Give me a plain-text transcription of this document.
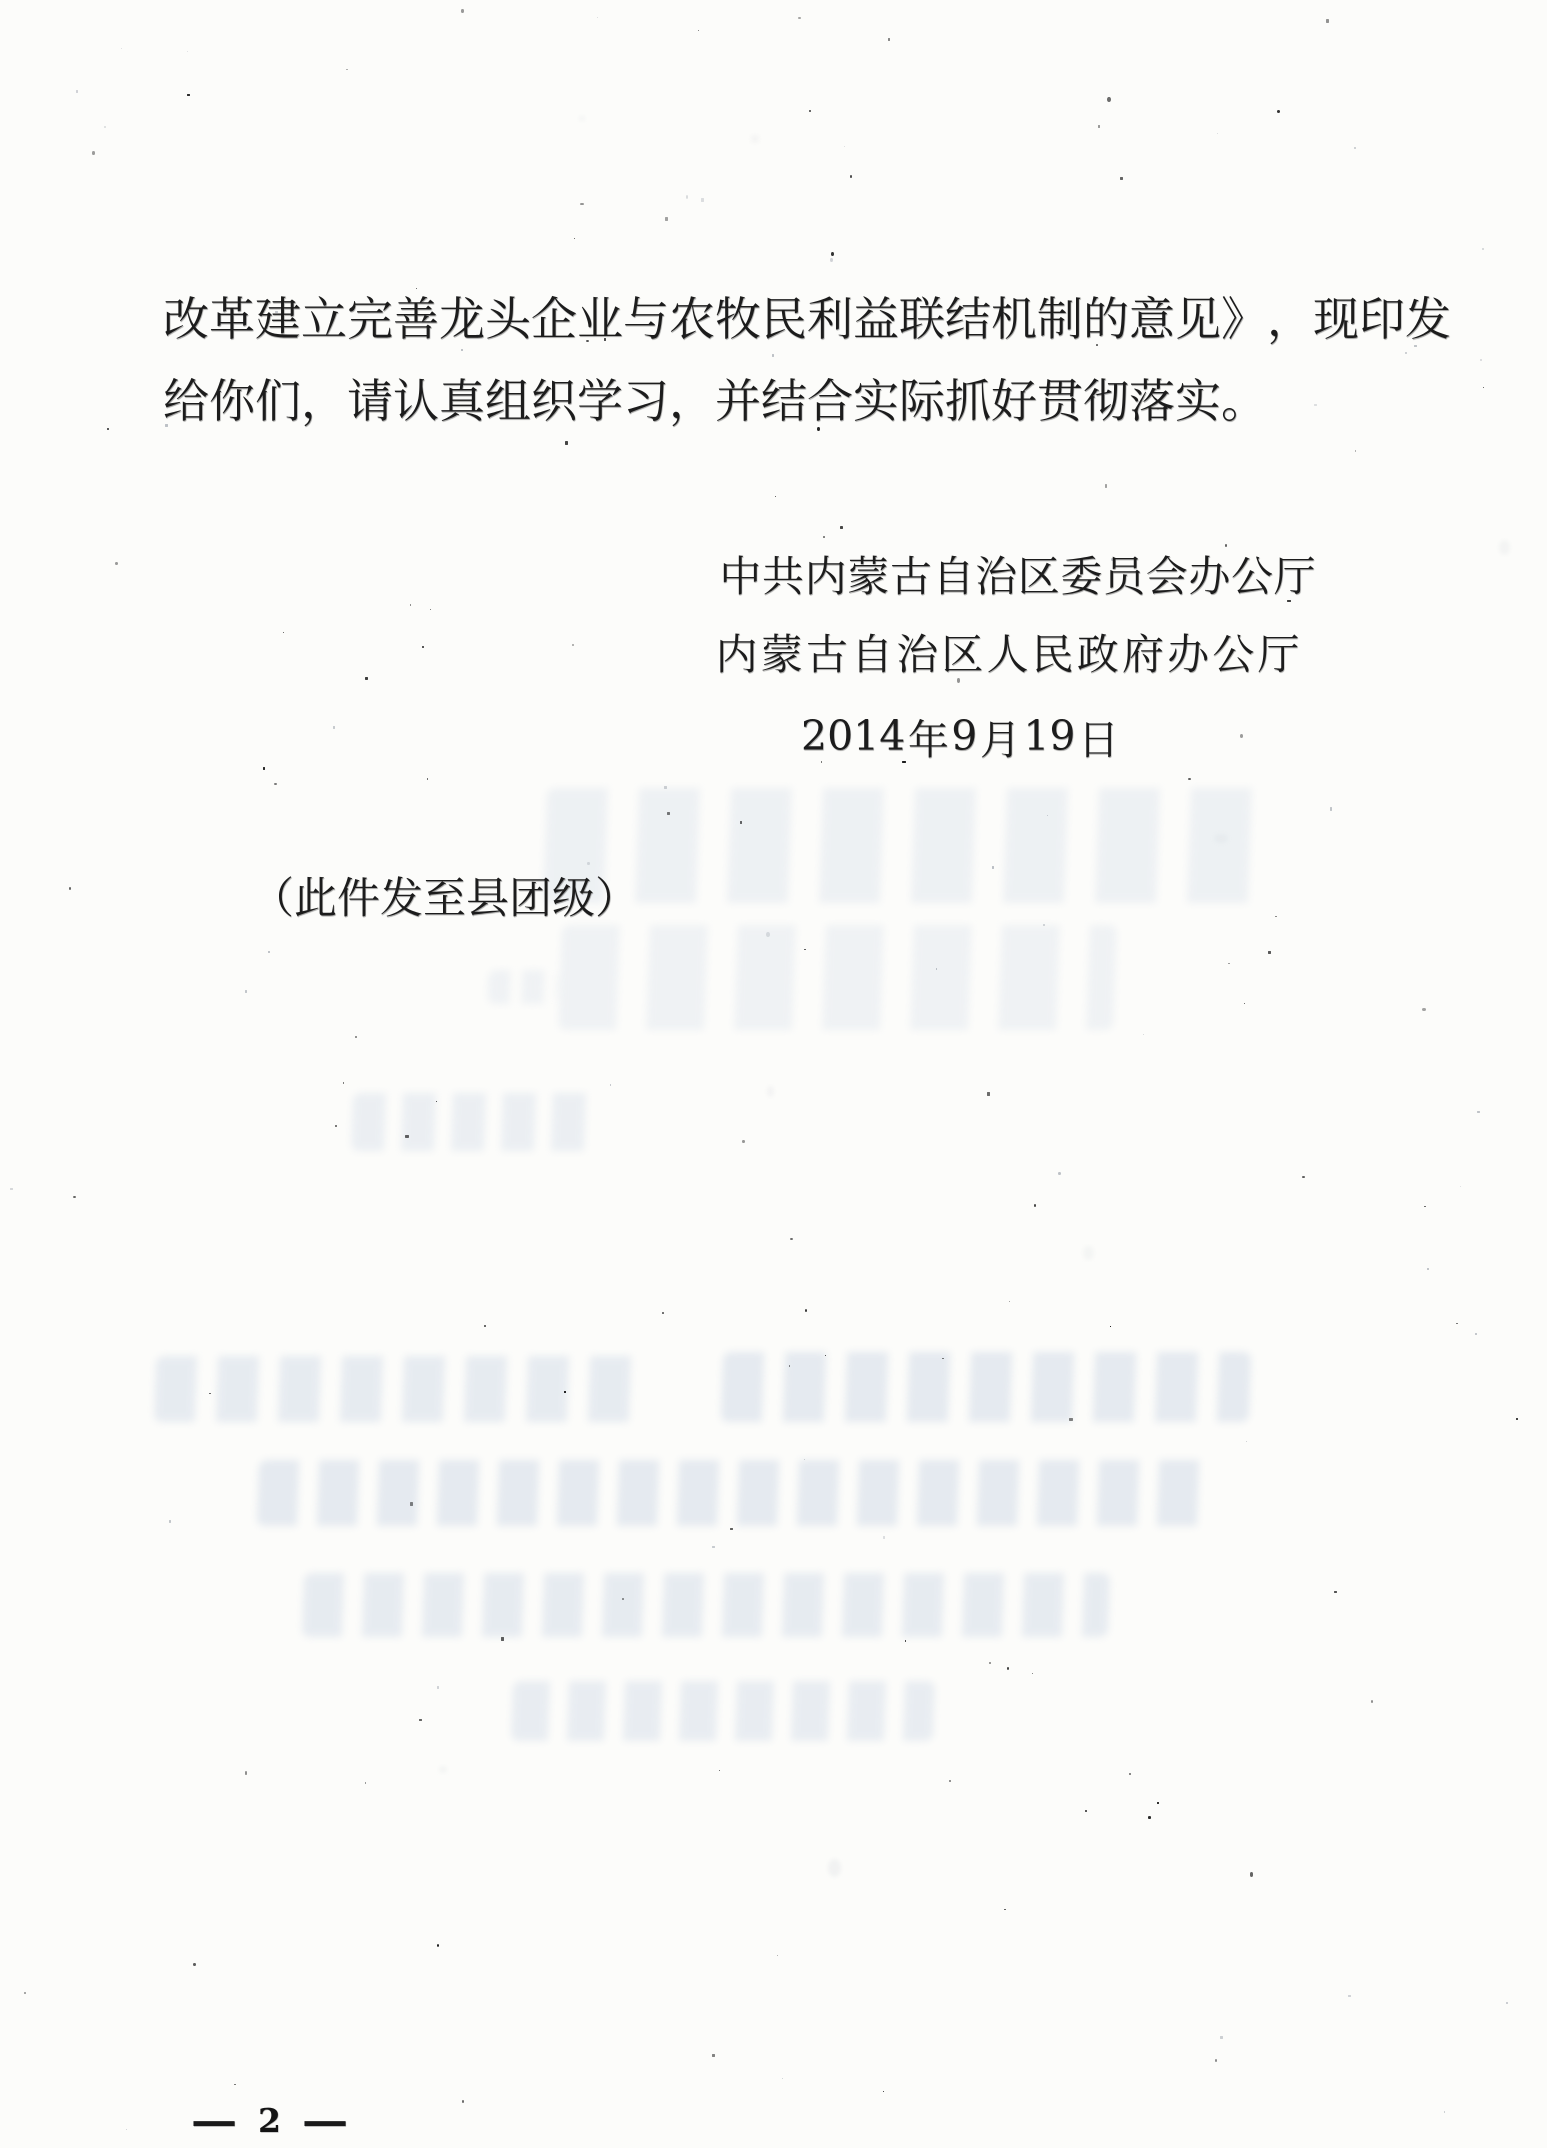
改 革 建 立 完 善 龙 头 企 业 与 农 牧 民 利 益 联 结 机 制 的 意 见 》 ， 现 印 发
给 你 们 ， 请 认 真 组 织 学 习 ， 并 结 合 实 际 抓 好 贯 彻 落 实 。
中 共 内 蒙 古 自 治 区 委 员 会 办 公 厅
内 蒙 古 自 治 区 人 民 政 府 办 公 厅
2014 年 9 月 19 日
（ 此 件 发 至 县 团 级 ）
— 2 —
